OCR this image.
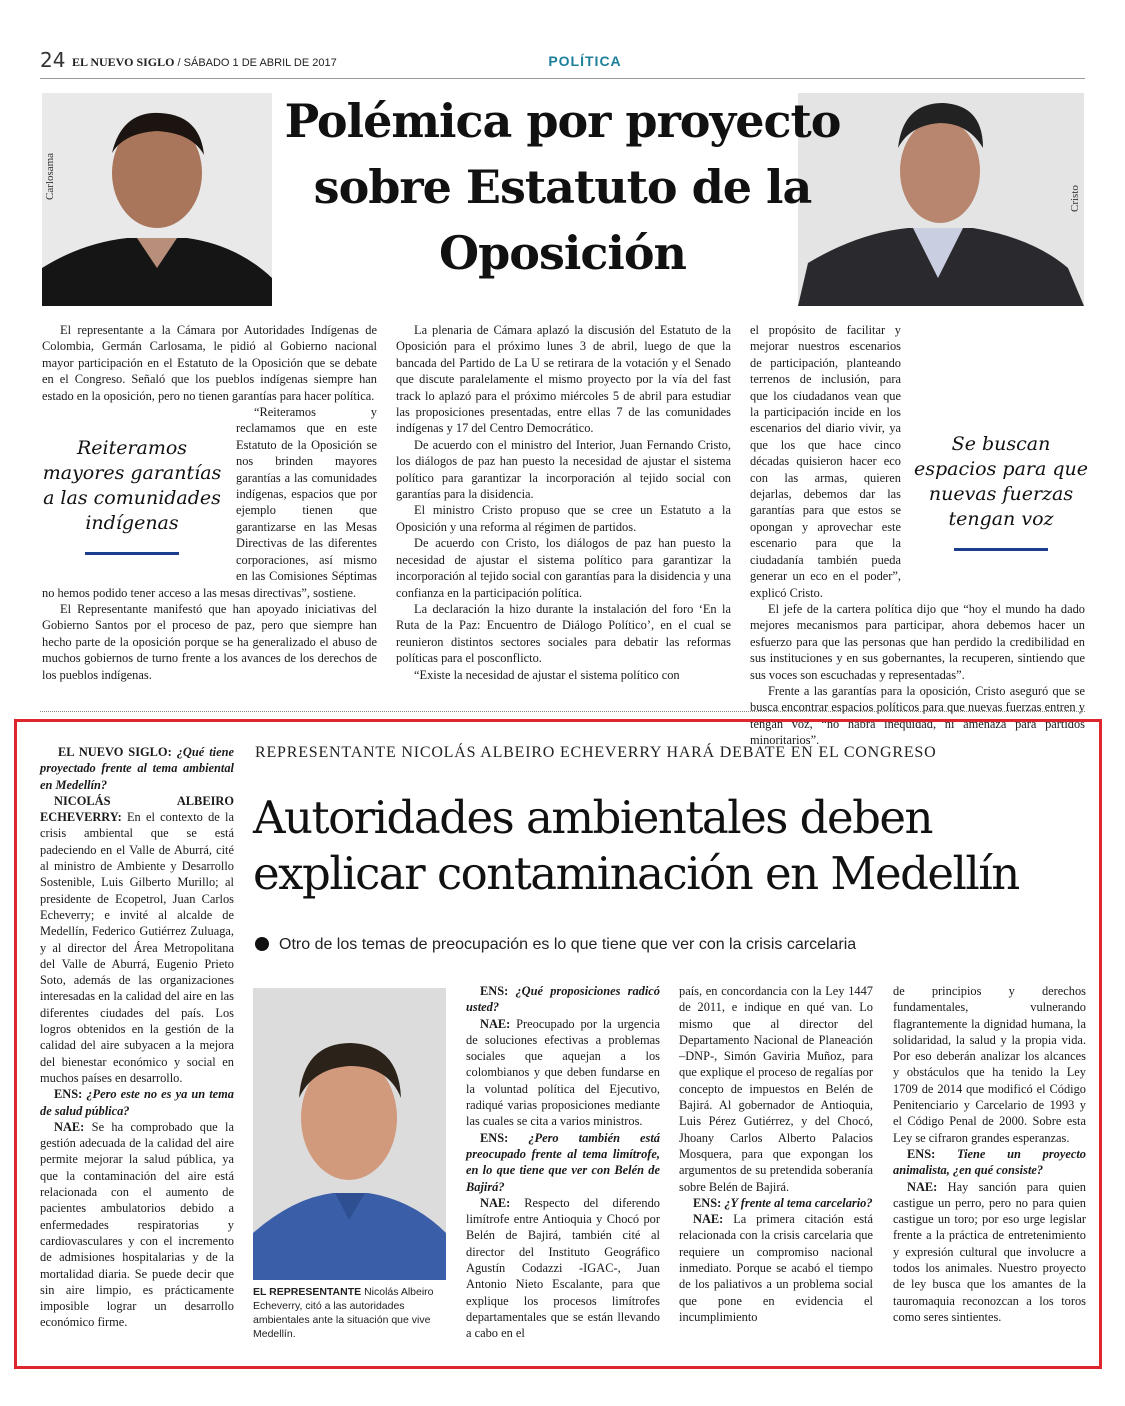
24 EL NUEVO SIGLO / SÁBADO 1 DE ABRIL DE 2017	POLÍTICA
Carlosama	Cristo
Polémica por proyecto sobre Estatuto de la Oposición

El representante a la Cámara por Autoridades Indígenas de Colombia, Germán Carlosama, le pidió al Gobierno nacional mayor participación en el Estatuto de la Oposición que se debate en el Congreso. Señaló que los pueblos indígenas siempre han estado en la oposición, pero no tienen garantías para hacer política.

Reiteramos mayores garantías a las comunidades indígenas

“Reiteramos y reclamamos que en este Estatuto de la Oposición se nos brinden mayores garantías a las comunidades indígenas, espacios que por ejemplo tienen que garantizarse en las Mesas Directivas de las diferentes corporaciones, así mismo en las Comisiones Séptimas no hemos podido tener acceso a las mesas directivas”, sostiene.

El Representante manifestó que han apoyado iniciativas del Gobierno Santos por el proceso de paz, pero que siempre han hecho parte de la oposición porque se ha generalizado el abuso de muchos gobiernos de turno frente a los avances de los derechos de los pueblos indígenas.

La plenaria de Cámara aplazó la discusión del Estatuto de la Oposición para el próximo lunes 3 de abril, luego de que la bancada del Partido de La U se retirara de la votación y el Senado que discute paralelamente el mismo proyecto por la vía del fast track lo aplazó para el próximo miércoles 5 de abril para estudiar las proposiciones presentadas, entre ellas 7 de las comunidades indígenas y 17 del Centro Democrático.

De acuerdo con el ministro del Interior, Juan Fernando Cristo, los diálogos de paz han puesto la necesidad de ajustar el sistema político para garantizar la incorporación al tejido social con garantías para la disidencia.

El ministro Cristo propuso que se cree un Estatuto a la Oposición y una reforma al régimen de partidos.

De acuerdo con Cristo, los diálogos de paz han puesto la necesidad de ajustar el sistema político para garantizar la incorporación al tejido social con garantías para la disidencia y una confianza en la participación política.

La declaración la hizo durante la instalación del foro ‘En la Ruta de la Paz: Encuentro de Diálogo Político’, en el cual se reunieron distintos sectores sociales para debatir las reformas políticas para el posconflicto.

“Existe la necesidad de ajustar el sistema político con

Se buscan espacios para que nuevas fuerzas tengan voz

el propósito de facilitar y mejorar nuestros escenarios de participación, planteando terrenos de inclusión, para que los ciudadanos vean que la participación incide en los escenarios del diario vivir, ya que los que hace cinco décadas quisieron hacer eco con las armas, quieren dejarlas, debemos dar las garantías para que estos se opongan y aprovechar este escenario para que la ciudadanía también pueda generar un eco en el poder”, explicó Cristo.

El jefe de la cartera política dijo que “hoy el mundo ha dado mejores mecanismos para participar, ahora debemos hacer un esfuerzo para que las personas que han perdido la credibilidad en sus instituciones y en sus gobernantes, la recuperen, sintiendo que sus voces son escuchadas y representadas”.

Frente a las garantías para la oposición, Cristo aseguró que se busca encontrar espacios políticos para que nuevas fuerzas entren y tengan voz, “no habrá inequidad, ni amenaza para partidos minoritarios”.

REPRESENTANTE NICOLÁS ALBEIRO ECHEVERRY HARÁ DEBATE EN EL CONGRESO
Autoridades ambientales deben explicar contaminación en Medellín
Otro de los temas de preocupación es lo que tiene que ver con la crisis carcelaria

EL NUEVO SIGLO: ¿Qué tiene proyectado frente al tema ambiental en Medellín?

NICOLÁS ALBEIRO ECHEVERRY: En el contexto de la crisis ambiental que se está padeciendo en el Valle de Aburrá, cité al ministro de Ambiente y Desarrollo Sostenible, Luis Gilberto Murillo; al presidente de Ecopetrol, Juan Carlos Echeverry; e invité al alcalde de Medellín, Federico Gutiérrez Zuluaga, y al director del Área Metropolitana del Valle de Aburrá, Eugenio Prieto Soto, además de las organizaciones interesadas en la calidad del aire en las diferentes ciudades del país. Los logros obtenidos en la gestión de la calidad del aire subyacen a la mejora del bienestar económico y social en muchos países en desarrollo.

ENS: ¿Pero este no es ya un tema de salud pública?

NAE: Se ha comprobado que la gestión adecuada de la calidad del aire permite mejorar la salud pública, ya que la contaminación del aire está relacionada con el aumento de pacientes ambulatorios debido a enfermedades respiratorias y cardiovasculares y con el incremento de admisiones hospitalarias y de la mortalidad diaria. Se puede decir que sin aire limpio, es prácticamente imposible lograr un desarrollo económico firme.

EL REPRESENTANTE Nicolás Albeiro Echeverry, citó a las autoridades ambientales ante la situación que vive Medellín.

ENS: ¿Qué proposiciones radicó usted?

NAE: Preocupado por la urgencia de soluciones efectivas a problemas sociales que aquejan a los colombianos y que deben fundarse en la voluntad política del Ejecutivo, radiqué varias proposiciones mediante las cuales se cita a varios ministros.

ENS: ¿Pero también está preocupado frente al tema limítrofe, en lo que tiene que ver con Belén de Bajirá?

NAE: Respecto del diferendo limítrofe entre Antioquia y Chocó por Belén de Bajirá, también cité al director del Instituto Geográfico Agustín Codazzi -IGAC-, Juan Antonio Nieto Escalante, para que explique los procesos limítrofes departamentales que se están llevando a cabo en el

país, en concordancia con la Ley 1447 de 2011, e indique en qué van. Lo mismo que al director del Departamento Nacional de Planeación –DNP-, Simón Gaviria Muñoz, para que explique el proceso de regalías por concepto de impuestos en Belén de Bajirá. Al gobernador de Antioquia, Luis Pérez Gutiérrez, y del Chocó, Jhoany Carlos Alberto Palacios Mosquera, para que expongan los argumentos de su pretendida soberanía sobre Belén de Bajirá.

ENS: ¿Y frente al tema carcelario?

NAE: La primera citación está relacionada con la crisis carcelaria que requiere un compromiso nacional inmediato. Porque se acabó el tiempo de los paliativos a un problema social que pone en evidencia el incumplimiento

de principios y derechos fundamentales, vulnerando flagrantemente la dignidad humana, la solidaridad, la salud y la propia vida. Por eso deberán analizar los alcances y obstáculos que ha tenido la Ley 1709 de 2014 que modificó el Código Penitenciario y Carcelario de 1993 y el Código Penal de 2000. Sobre esta Ley se cifraron grandes esperanzas.

ENS: Tiene un proyecto animalista, ¿en qué consiste?

NAE: Hay sanción para quien castigue un perro, pero no para quien castigue un toro; por eso urge legislar frente a la práctica de entretenimiento y expresión cultural que involucre a todos los animales. Nuestro proyecto de ley busca que los amantes de la tauromaquia reconozcan a los toros como seres sintientes.
